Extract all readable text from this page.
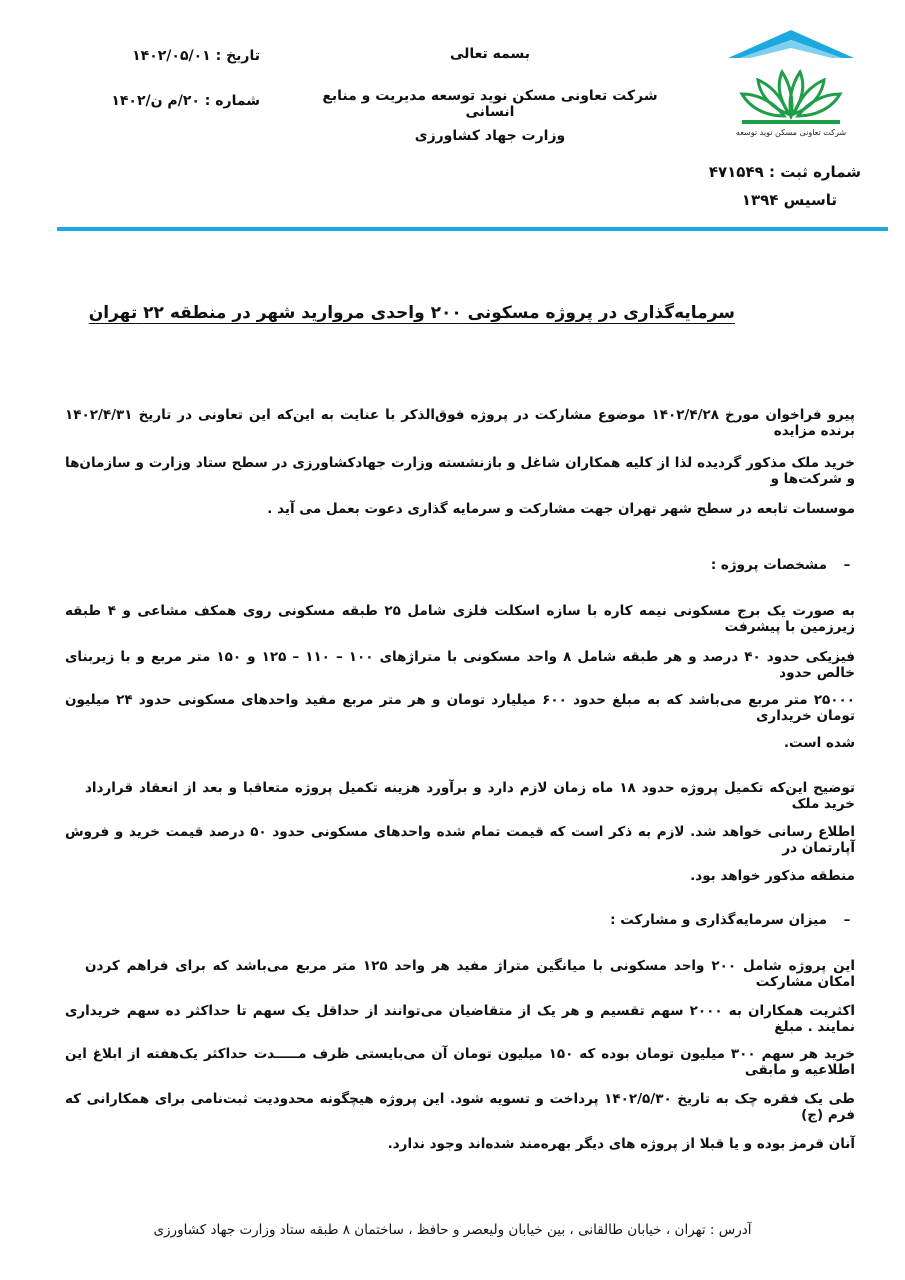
شرکت تعاونی مسکن نوید توسعه
شماره ثبت : ۴۷۱۵۴۹
تاسیس ۱۳۹۴
بسمه تعالی
شرکت تعاونی مسکن نوید توسعه مدیریت و منابع انسانی
وزارت جهاد کشاورزی
تاریخ : ۱۴۰۲/۰۵/۰۱
شماره : ۲۰/م ن/۱۴۰۲
سرمایه‌گذاری در پروژه مسکونی ۲۰۰ واحدی مروارید شهر در منطقه ۲۲ تهران
پیرو فراخوان مورخ ۱۴۰۲/۴/۲۸ موضوع مشارکت در پروژه فوق‌الذکر با عنایت به این‌که این تعاونی در تاریخ ۱۴۰۲/۴/۳۱ برنده مزایده
خرید ملک مذکور گردیده لذا از کلیه همکاران شاغل و بازنشسته وزارت جهادکشاورزی در سطح ستاد وزارت و سازمان‌ها و شرکت‌ها و
موسسات تابعه در سطح شهر تهران جهت مشارکت و سرمایه گذاری دعوت بعمل می آید .
–مشخصات پروژه :
به صورت یک برج مسکونی نیمه کاره با سازه اسکلت فلزی شامل ۲۵ طبقه مسکونی روی همکف مشاعی و ۴ طبقه زیرزمین با پیشرفت
فیزیکی حدود ۴۰ درصد و هر طبقه شامل ۸ واحد مسکونی با متراژهای ۱۰۰ – ۱۱۰ – ۱۲۵ و ۱۵۰ متر مربع و با زیربنای خالص حدود
۲۵۰۰۰ متر مربع می‌باشد که به مبلغ حدود ۶۰۰ میلیارد تومان و هر متر مربع مفید واحدهای مسکونی حدود ۲۴ میلیون تومان خریداری
شده است.
توضیح این‌که تکمیل پروژه حدود ۱۸ ماه زمان لازم دارد و برآورد هزینه تکمیل پروژه متعاقبا و بعد از انعقاد قرارداد خرید ملک
اطلاع رسانی خواهد شد. لازم به ذکر است که قیمت تمام شده واحدهای مسکونی حدود ۵۰ درصد قیمت خرید و فروش آپارتمان در
منطقه مذکور خواهد بود.
–میزان سرمایه‌گذاری و مشارکت :
این پروژه شامل ۲۰۰ واحد مسکونی با میانگین متراژ مفید هر واحد ۱۲۵ متر مربع می‌باشد که برای فراهم کردن امکان مشارکت
اکثریت همکاران به ۲۰۰۰ سهم تقسیم و هر یک از متقاضیان می‌توانند از حداقل یک سهم تا حداکثر ده سهم خریداری نمایند . مبلغ
خرید هر سهم ۳۰۰ میلیون تومان بوده که ۱۵۰ میلیون تومان آن می‌بایستی ظرف مـــــدت حداکثر یک‌هفته از ابلاغ این اطلاعیه و مابقی
طی یک فقره چک به تاریخ ۱۴۰۲/۵/۳۰ پرداخت و تسویه شود. این پروژه هیچگونه محدودیت ثبت‌نامی برای همکارانی که فرم (ج)
آنان قرمز بوده و یا قبلا از پروژه های دیگر بهره‌مند شده‌اند وجود ندارد.
آدرس : تهران ، خیابان طالقانی ، بین خیابان ولیعصر و حافظ ، ساختمان ۸ طبقه ستاد وزارت جهاد کشاورزی
